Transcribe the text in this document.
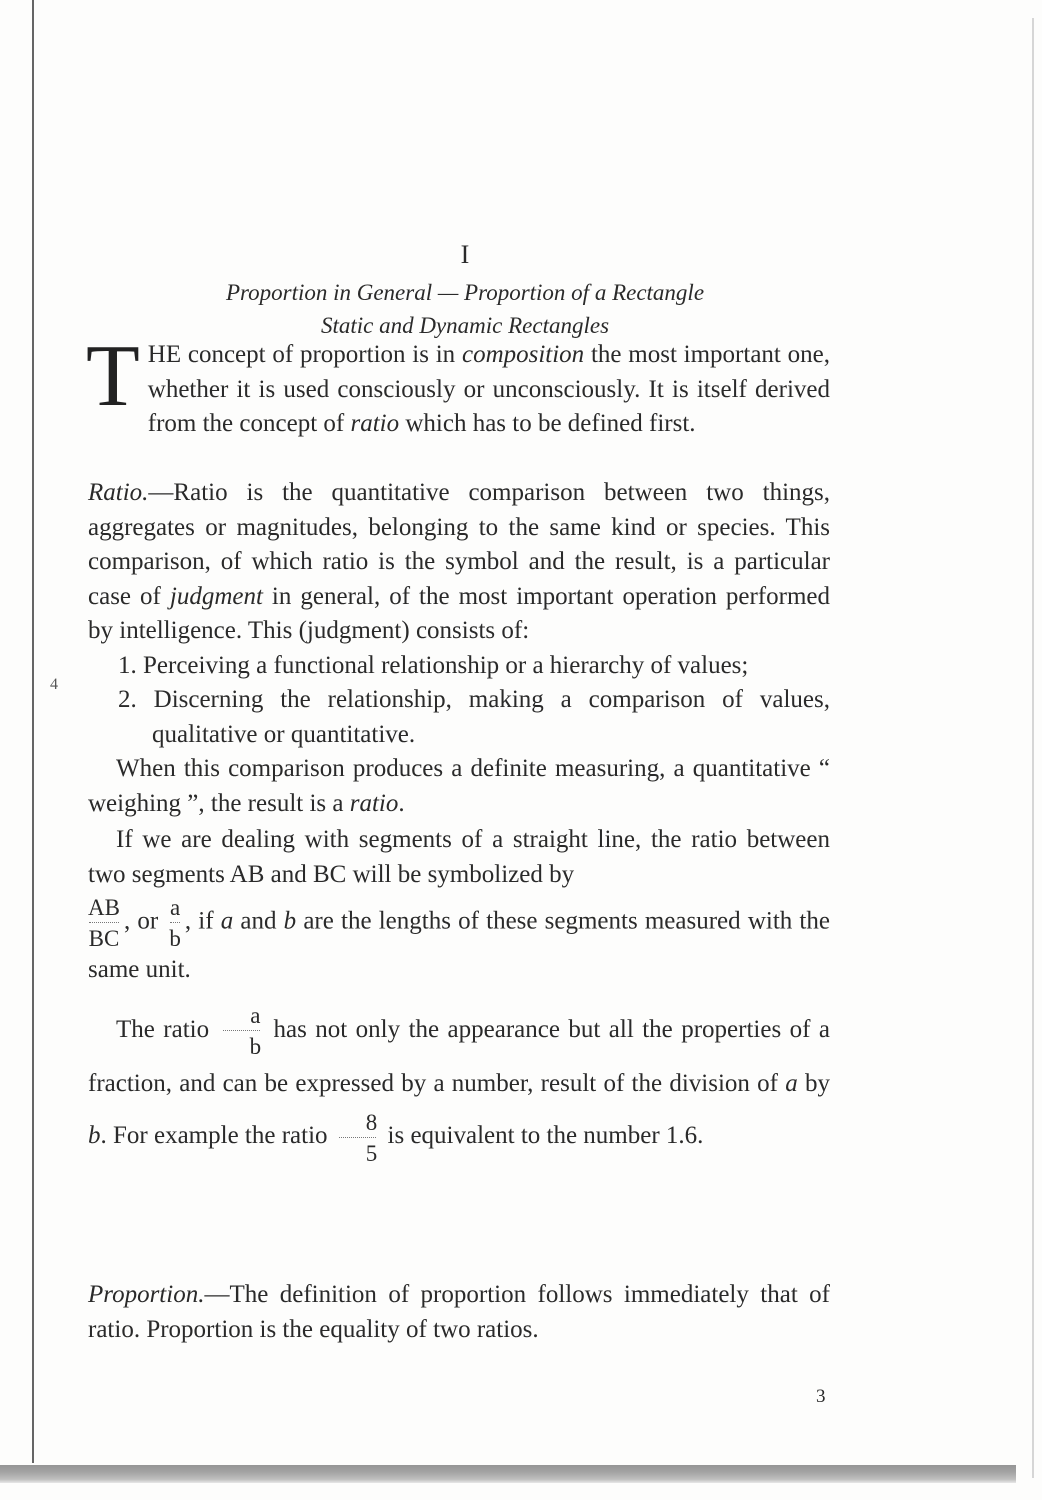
4
I
Proportion in General — Proportion of a Rectangle
Static and Dynamic Rectangles

THE concept of proportion is in composition the most important one, whether it is used consciously or unconsciously. It is itself derived from the concept of ratio which has to be defined first.

Ratio.—Ratio is the quantitative comparison between two things, aggregates or magnitudes, belonging to the same kind or species. This comparison, of which ratio is the symbol and the result, is a particular case of judgment in general, of the most important operation performed by intelligence. This (judgment) consists of:

1. Perceiving a functional relationship or a hierarchy of values;

2. Discerning the relationship, making a comparison of values, qualitative or quantitative.

When this comparison produces a definite measuring, a quantitative “ weighing ”, the result is a ratio.

If we are dealing with segments of a straight line, the ratio between two segments AB and BC will be symbolized by

$\frac{AB}{BC}$ , or $\frac{a}{b}$ , if a and b are the lengths of these segments measured with the same unit.

The ratio $\frac{a}{b}$ has not only the appearance but all the properties of a fraction, and can be expressed by a number, result of the division of a by b. For example the ratio $\frac{8}{5}$ is equivalent to the number 1.6.

Proportion.—The definition of proportion follows immediately that of ratio. Proportion is the equality of two ratios.

3
